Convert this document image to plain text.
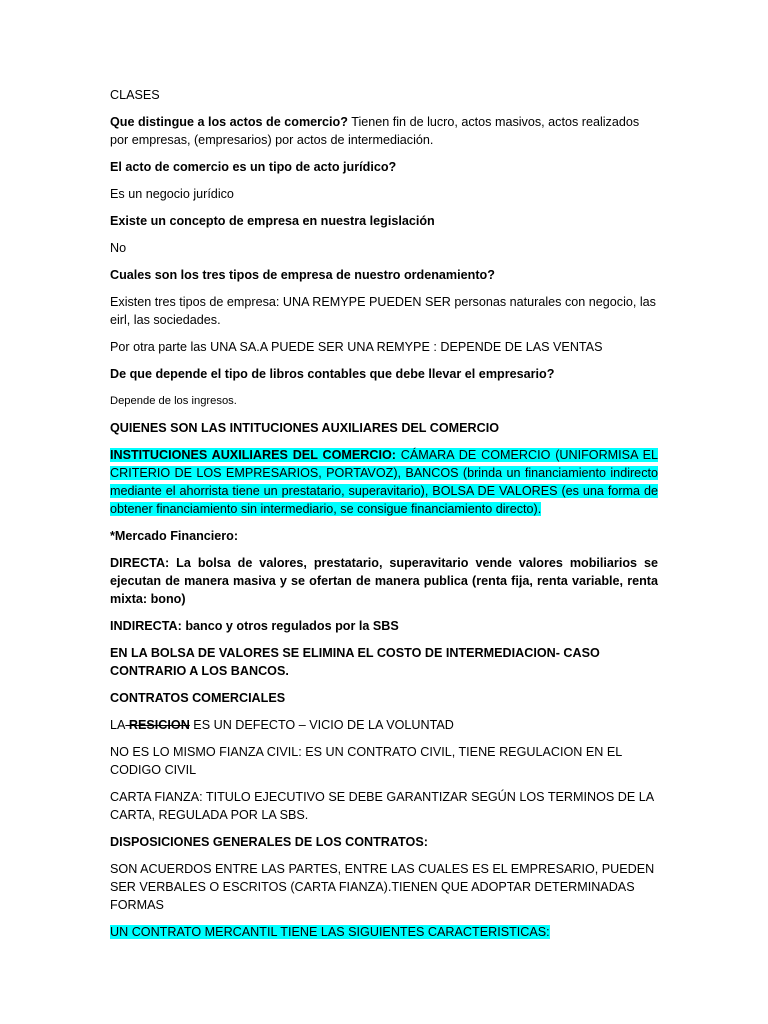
CLASES

Que distingue a los actos de comercio? Tienen fin de lucro, actos masivos, actos realizados por empresas, (empresarios) por actos de intermediación.

El acto de comercio es un tipo de acto jurídico?

Es un negocio jurídico

Existe un concepto de empresa en nuestra legislación

No

Cuales son los tres tipos de empresa de nuestro ordenamiento?

Existen tres tipos de empresa: UNA REMYPE PUEDEN SER personas naturales con negocio, las eirl, las sociedades.

Por otra parte las UNA SA.A PUEDE SER UNA REMYPE : DEPENDE DE LAS VENTAS

De que depende el tipo de libros contables que debe llevar el empresario?

Depende de los ingresos.

QUIENES SON LAS INTITUCIONES AUXILIARES DEL COMERCIO

INSTITUCIONES AUXILIARES DEL COMERCIO: CÁMARA DE COMERCIO (UNIFORMISA EL CRITERIO DE LOS EMPRESARIOS, PORTAVOZ), BANCOS (brinda un financiamiento indirecto mediante el ahorrista tiene un prestatario, superavitario), BOLSA DE VALORES (es una forma de obtener financiamiento sin intermediario, se consigue financiamiento directo).

*Mercado Financiero:

DIRECTA: La bolsa de valores, prestatario, superavitario vende valores mobiliarios se ejecutan de manera masiva y se ofertan de manera publica (renta fija, renta variable, renta mixta: bono)

INDIRECTA: banco y otros regulados por la SBS

EN LA BOLSA DE VALORES SE ELIMINA EL COSTO DE INTERMEDIACION- CASO CONTRARIO A LOS BANCOS.

CONTRATOS COMERCIALES

LA RESICION ES UN DEFECTO – VICIO DE LA VOLUNTAD

NO ES LO MISMO FIANZA CIVIL: ES UN CONTRATO CIVIL, TIENE REGULACION EN EL CODIGO CIVIL

CARTA FIANZA: TITULO EJECUTIVO SE DEBE GARANTIZAR SEGÚN LOS TERMINOS DE LA CARTA, REGULADA POR LA SBS.

DISPOSICIONES GENERALES DE LOS CONTRATOS:

SON ACUERDOS ENTRE LAS PARTES, ENTRE LAS CUALES ES EL EMPRESARIO, PUEDEN SER VERBALES O ESCRITOS (CARTA FIANZA).TIENEN QUE ADOPTAR DETERMINADAS FORMAS

UN CONTRATO MERCANTIL TIENE LAS SIGUIENTES CARACTERISTICAS:
